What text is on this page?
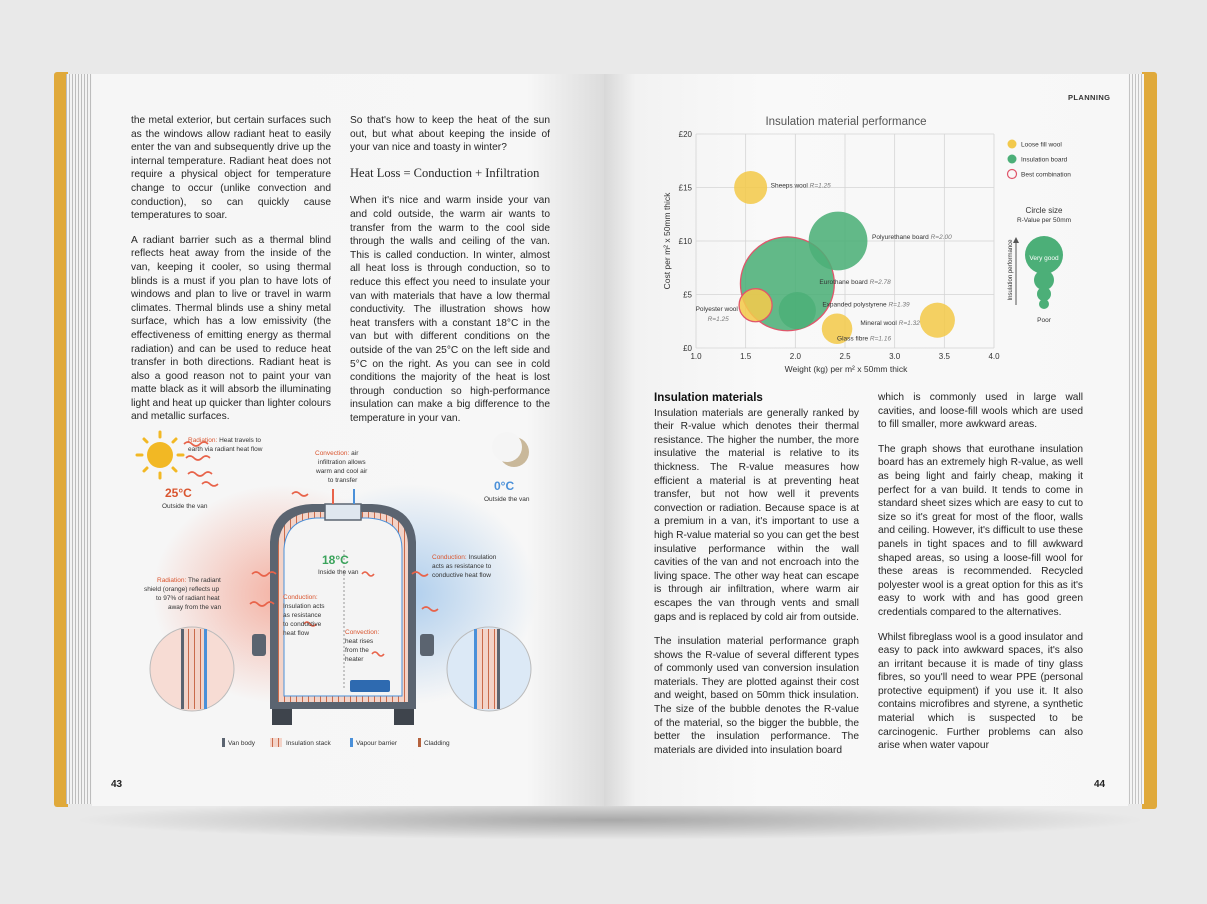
the metal exterior, but certain surfaces such as the windows allow radiant heat to easily enter the van and subsequently drive up the internal temperature. Radiant heat does not require a physical object for temperature change to occur (unlike convection and conduction), so can quickly cause temperatures to soar.

A radiant barrier such as a thermal blind reflects heat away from the inside of the van, keeping it cooler, so using thermal blinds is a must if you plan to have lots of windows and plan to live or travel in warm climates. Thermal blinds use a shiny metal surface, which has a low emissivity (the effectiveness of emitting energy as thermal radiation) and can be used to reduce heat transfer in both directions. Radiant heat is also a good reason not to paint your van matte black as it will absorb the illuminating light and heat up quicker than lighter colours and metallic surfaces.

So that's how to keep the heat of the sun out, but what about keeping the inside of your van nice and toasty in winter?

Heat Loss = Conduction + Infiltration

When it's nice and warm inside your van and cold outside, the warm air wants to transfer from the warm to the cool side through the walls and ceiling of the van. This is called conduction. In winter, almost all heat loss is through conduction, so to reduce this effect you need to insulate your van with materials that have a low thermal conductivity. The illustration shows how heat transfers with a constant 18°C in the van but with different conditions on the outside of the van 25°C on the left side and 5°C on the right. As you can see in cold conditions the majority of the heat is lost through conduction so high-performance insulation can make a big difference to the temperature in your van.

25°C
Outside the van
Radiation: Heat travels to
earth via radiant heat flow
Convection: air
infiltration allows
warm and cool air
to transfer	0°C
Outside the van
18°C
Inside the van
Conduction: Insulation
acts as resistance to
conductive heat flow
Radiation: The radiant
shield (orange) reflects up
to 97% of radiant heat
away from the van
Conduction:
Insulation acts
as resistance
to conductive
heat flow	Convection:
heat rises
from the
heater
Van body	Insulation stack	Vapour barrier	Cladding
43
PLANNING
Insulation material performance
£0
£5
£10
£15
£20
1.0	1.5	2.0	2.5	3.0	3.5	4.0
Weight (kg) per m² x 50mm thick
Cost per m² x 50mm thick
Sheeps wool R=1.25
Polyurethane board R=2.00
Eurothane board R=2.78
Polyester wool
R=1.25
Expanded polystyrene R=1.39
Mineral wool R=1.32
Glass fibre R=1.16
Loose fill wool
Insulation board
Best combination
Circle size
R-Value per 50mm
Very good
Poor
Insulation performance
Insulation materials

Insulation materials are generally ranked by their R-value which denotes their thermal resistance. The higher the number, the more insulative the material is relative to its thickness. The R-value measures how efficient a material is at preventing heat transfer, but not how well it prevents convection or radiation. Because space is at a premium in a van, it's important to use a high R-value material so you can get the best insulative performance within the wall cavities of the van and not encroach into the living space. The other way heat can escape is through air infiltration, where warm air escapes the van through vents and small gaps and is replaced by cold air from outside.

The insulation material performance graph shows the R-value of several different types of commonly used van conversion insulation materials. They are plotted against their cost and weight, based on 50mm thick insulation. The size of the bubble denotes the R-value of the material, so the bigger the bubble, the better the insulation performance. The materials are divided into insulation board

which is commonly used in large wall cavities, and loose-fill wools which are used to fill smaller, more awkward areas.

The graph shows that eurothane insulation board has an extremely high R-value, as well as being light and fairly cheap, making it perfect for a van build. It tends to come in standard sheet sizes which are easy to cut to size so it's great for most of the floor, walls and ceiling. However, it's difficult to use these panels in tight spaces and to fill awkward shaped areas, so using a loose-fill wool for these areas is recommended. Recycled polyester wool is a great option for this as it's easy to work with and has good green credentials compared to the alternatives.

Whilst fibreglass wool is a good insulator and easy to pack into awkward spaces, it's also an irritant because it is made of tiny glass fibres, so you'll need to wear PPE (personal protective equipment) if you use it. It also contains microfibres and styrene, a synthetic material which is suspected to be carcinogenic. Further problems can also arise when water vapour

44
